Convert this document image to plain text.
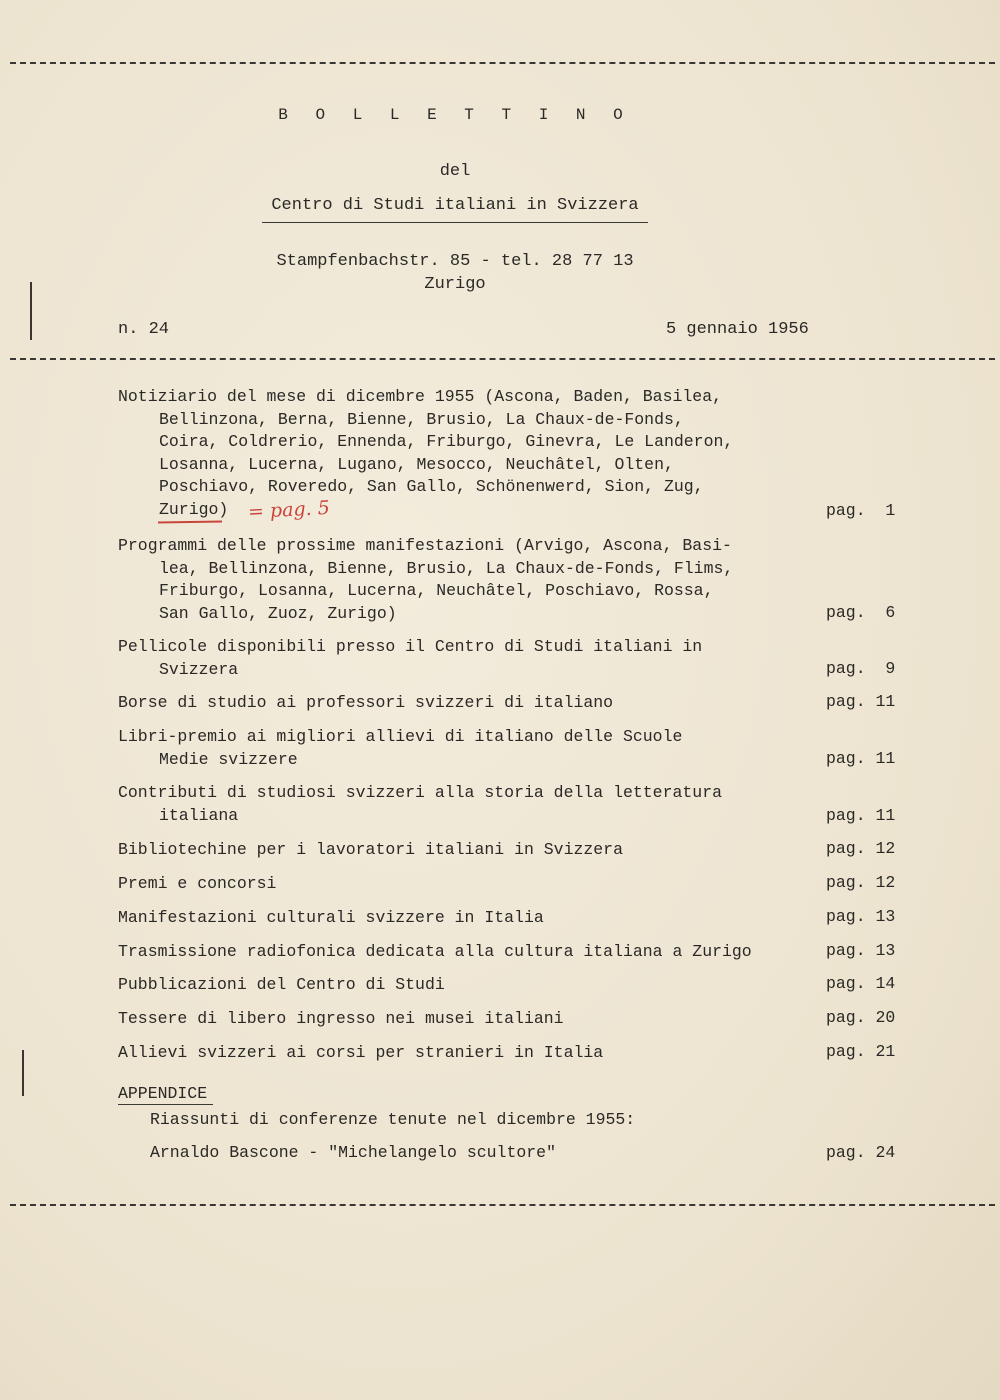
B O L L E T T I N O
del
Centro di Studi italiani in Svizzera
Stampfenbachstr. 85 - tel. 28 77 13
Zurigo
n. 24	5 gennaio 1956
Notiziario del mese di dicembre 1955 (Ascona, Baden, Basilea,
Bellinzona, Berna, Bienne, Brusio, La Chaux-de-Fonds,
Coira, Coldrerio, Ennenda, Friburgo, Ginevra, Le Landeron,
Losanna, Lucerna, Lugano, Mesocco, Neuchâtel, Olten,
Poschiavo, Roveredo, San Gallo, Schönenwerd, Sion, Zug,
Zurigo)	pag.  1
= pag. 5
Programmi delle prossime manifestazioni (Arvigo, Ascona, Basi-
lea, Bellinzona, Bienne, Brusio, La Chaux-de-Fonds, Flims,
Friburgo, Losanna, Lucerna, Neuchâtel, Poschiavo, Rossa,
San Gallo, Zuoz, Zurigo)	pag.  6
Pellicole disponibili presso il Centro di Studi italiani in
Svizzera	pag.  9
Borse di studio ai professori svizzeri di italiano	pag. 11
Libri-premio ai migliori allievi di italiano delle Scuole
Medie svizzere	pag. 11
Contributi di studiosi svizzeri alla storia della letteratura
italiana	pag. 11
Bibliotechine per i lavoratori italiani in Svizzera	pag. 12
Premi e concorsi	pag. 12
Manifestazioni culturali svizzere in Italia	pag. 13
Trasmissione radiofonica dedicata alla cultura italiana a Zurigo	pag. 13
Pubblicazioni del Centro di Studi	pag. 14
Tessere di libero ingresso nei musei italiani	pag. 20
Allievi svizzeri ai corsi per stranieri in Italia	pag. 21
APPENDICE
Riassunti di conferenze tenute nel dicembre 1955:
Arnaldo Bascone - "Michelangelo scultore"	pag. 24
